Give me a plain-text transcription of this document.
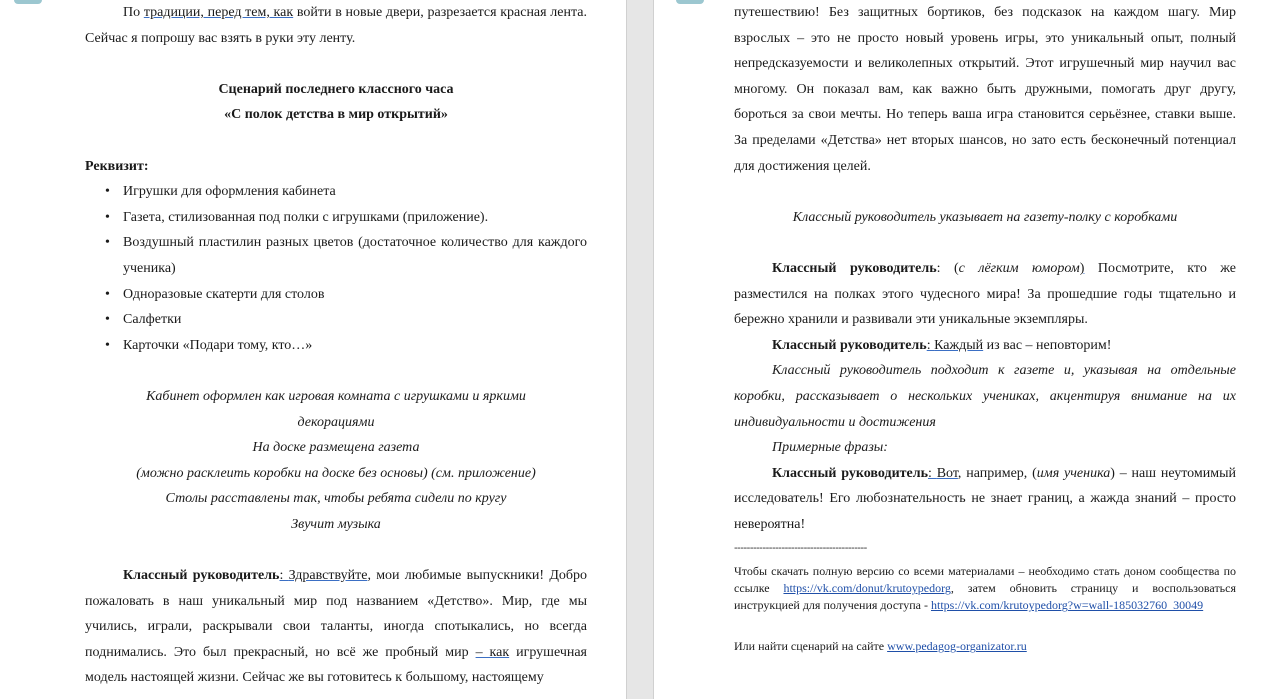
По традиции, перед тем, как войти в новые двери, разрезается красная лента. Сейчас я попрошу вас взять в руки эту ленту.

Сценарий последнего классного часа

«С полок детства в мир открытий»

Реквизит:

• Игрушки для оформления кабинета
• Газета, стилизованная под полки с игрушками (приложение).
• Воздушный пластилин разных цветов (достаточное количество для каждого ученика)
• Одноразовые скатерти для столов
• Салфетки
• Карточки «Подари тому, кто…»

Кабинет оформлен как игровая комната с игрушками и яркими декорациями

На доске размещена газета

(можно расклеить коробки на доске без основы) (см. приложение)

Столы расставлены так, чтобы ребята сидели по кругу

Звучит музыка

Классный руководитель: Здравствуйте, мои любимые выпускники! Добро пожаловать в наш уникальный мир под названием «Детство». Мир, где мы учились, играли, раскрывали свои таланты, иногда спотыкались, но всегда поднимались. Это был прекрасный, но всё же пробный мир – как игрушечная модель настоящей жизни. Сейчас же вы готовитесь к большому, настоящему

путешествию! Без защитных бортиков, без подсказок на каждом шагу. Мир взрослых – это не просто новый уровень игры, это уникальный опыт, полный непредсказуемости и великолепных открытий. Этот игрушечный мир научил вас многому. Он показал вам, как важно быть дружными, помогать друг другу, бороться за свои мечты. Но теперь ваша игра становится серьёзнее, ставки выше. За пределами «Детства» нет вторых шансов, но зато есть бесконечный потенциал для достижения целей.

Классный руководитель указывает на газету-полку с коробками

Классный руководитель: (с лёгким юмором) Посмотрите, кто же разместился на полках этого чудесного мира! За прошедшие годы тщательно и бережно хранили и развивали эти уникальные экземпляры.

Классный руководитель: Каждый из вас – неповторим!

Классный руководитель подходит к газете и, указывая на отдельные коробки, рассказывает о нескольких учениках, акцентируя внимание на их индивидуальности и достижения

Примерные фразы:

Классный руководитель: Вот, например, (имя ученика) – наш неутомимый исследователь! Его любознательность не знает границ, а жажда знаний – просто невероятна!

------------------------------------------

Чтобы скачать полную версию со всеми материалами – необходимо стать доном сообщества по ссылке https://vk.com/donut/krutoypedorg, затем обновить страницу и воспользоваться инструкцией для получения доступа - https://vk.com/krutoypedorg?w=wall-185032760_30049

Или найти сценарий на сайте www.pedagog-organizator.ru
